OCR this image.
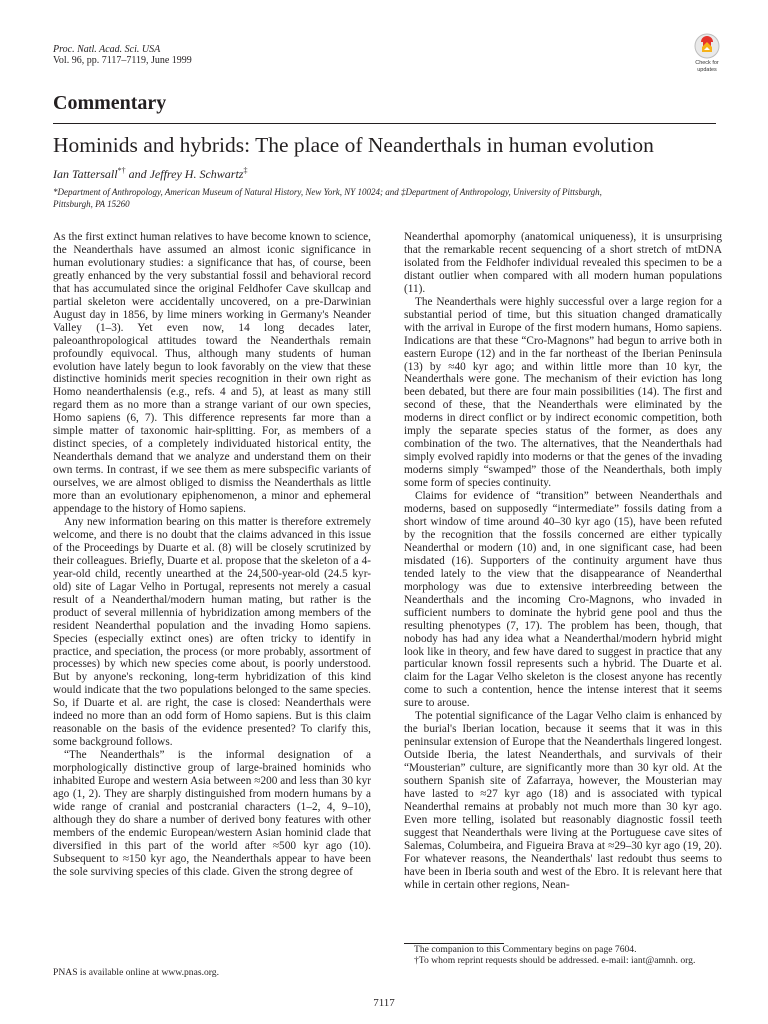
Proc. Natl. Acad. Sci. USA
Vol. 96, pp. 7117–7119, June 1999	Check for
updates
Commentary
Hominids and hybrids: The place of Neanderthals in human evolution
Ian Tattersall*† and Jeffrey H. Schwartz‡
*Department of Anthropology, American Museum of Natural History, New York, NY 10024; and ‡Department of Anthropology, University of Pittsburgh,
Pittsburgh, PA 15260

As the first extinct human relatives to have become known to science, the Neanderthals have assumed an almost iconic significance in human evolutionary studies: a significance that has, of course, been greatly enhanced by the very substantial fossil and behavioral record that has accumulated since the original Feldhofer Cave skullcap and partial skeleton were accidentally uncovered, on a pre-Darwinian August day in 1856, by lime miners working in Germany's Neander Valley (1–3). Yet even now, 14 long decades later, paleoanthropological attitudes toward the Neanderthals remain profoundly equivocal. Thus, although many students of human evolution have lately begun to look favorably on the view that these distinctive hominids merit species recognition in their own right as Homo neanderthalensis (e.g., refs. 4 and 5), at least as many still regard them as no more than a strange variant of our own species, Homo sapiens (6, 7). This difference represents far more than a simple matter of taxonomic hair-splitting. For, as members of a distinct species, of a completely individuated historical entity, the Neanderthals demand that we analyze and understand them on their own terms. In contrast, if we see them as mere subspecific variants of ourselves, we are almost obliged to dismiss the Neanderthals as little more than an evolutionary epiphenomenon, a minor and ephemeral appendage to the history of Homo sapiens.

Any new information bearing on this matter is therefore extremely welcome, and there is no doubt that the claims advanced in this issue of the Proceedings by Duarte et al. (8) will be closely scrutinized by their colleagues. Briefly, Duarte et al. propose that the skeleton of a 4-year-old child, recently unearthed at the 24,500-year-old (24.5 kyr-old) site of Lagar Velho in Portugal, represents not merely a casual result of a Neanderthal/modern human mating, but rather is the product of several millennia of hybridization among members of the resident Neanderthal population and the invading Homo sapiens. Species (especially extinct ones) are often tricky to identify in practice, and speciation, the process (or more probably, assortment of processes) by which new species come about, is poorly understood. But by anyone's reckoning, long-term hybridization of this kind would indicate that the two populations belonged to the same species. So, if Duarte et al. are right, the case is closed: Neanderthals were indeed no more than an odd form of Homo sapiens. But is this claim reasonable on the basis of the evidence presented? To clarify this, some background follows.

“The Neanderthals” is the informal designation of a morphologically distinctive group of large-brained hominids who inhabited Europe and western Asia between ≈200 and less than 30 kyr ago (1, 2). They are sharply distinguished from modern humans by a wide range of cranial and postcranial characters (1–2, 4, 9–10), although they do share a number of derived bony features with other members of the endemic European/western Asian hominid clade that diversified in this part of the world after ≈500 kyr ago (10). Subsequent to ≈150 kyr ago, the Neanderthals appear to have been the sole surviving species of this clade. Given the strong degree of

Neanderthal apomorphy (anatomical uniqueness), it is unsurprising that the remarkable recent sequencing of a short stretch of mtDNA isolated from the Feldhofer individual revealed this specimen to be a distant outlier when compared with all modern human populations (11).

The Neanderthals were highly successful over a large region for a substantial period of time, but this situation changed dramatically with the arrival in Europe of the first modern humans, Homo sapiens. Indications are that these “Cro-Magnons” had begun to arrive both in eastern Europe (12) and in the far northeast of the Iberian Peninsula (13) by ≈40 kyr ago; and within little more than 10 kyr, the Neanderthals were gone. The mechanism of their eviction has long been debated, but there are four main possibilities (14). The first and second of these, that the Neanderthals were eliminated by the moderns in direct conflict or by indirect economic competition, both imply the separate species status of the former, as does any combination of the two. The alternatives, that the Neanderthals had simply evolved rapidly into moderns or that the genes of the invading moderns simply “swamped” those of the Neanderthals, both imply some form of species continuity.

Claims for evidence of “transition” between Neanderthals and moderns, based on supposedly “intermediate” fossils dating from a short window of time around 40–30 kyr ago (15), have been refuted by the recognition that the fossils concerned are either typically Neanderthal or modern (10) and, in one significant case, had been misdated (16). Supporters of the continuity argument have thus tended lately to the view that the disappearance of Neanderthal morphology was due to extensive interbreeding between the Neanderthals and the incoming Cro-Magnons, who invaded in sufficient numbers to dominate the hybrid gene pool and thus the resulting phenotypes (7, 17). The problem has been, though, that nobody has had any idea what a Neanderthal/modern hybrid might look like in theory, and few have dared to suggest in practice that any particular known fossil represents such a hybrid. The Duarte et al. claim for the Lagar Velho skeleton is the closest anyone has recently come to such a contention, hence the intense interest that it seems sure to arouse.

The potential significance of the Lagar Velho claim is enhanced by the burial's Iberian location, because it seems that it was in this peninsular extension of Europe that the Neanderthals lingered longest. Outside Iberia, the latest Neanderthals, and survivals of their “Mousterian” culture, are significantly more than 30 kyr old. At the southern Spanish site of Zafarraya, however, the Mousterian may have lasted to ≈27 kyr ago (18) and is associated with typical Neanderthal remains at probably not much more than 30 kyr ago. Even more telling, isolated but reasonably diagnostic fossil teeth suggest that Neanderthals were living at the Portuguese cave sites of Salemas, Columbeira, and Figueira Brava at ≈29–30 kyr ago (19, 20). For whatever reasons, the Neanderthals' last redoubt thus seems to have been in Iberia south and west of the Ebro. It is relevant here that while in certain other regions, Nean-

The companion to this Commentary begins on page 7604.
†To whom reprint requests should be addressed. e-mail: iant@amnh. org.
PNAS is available online at www.pnas.org.
7117
